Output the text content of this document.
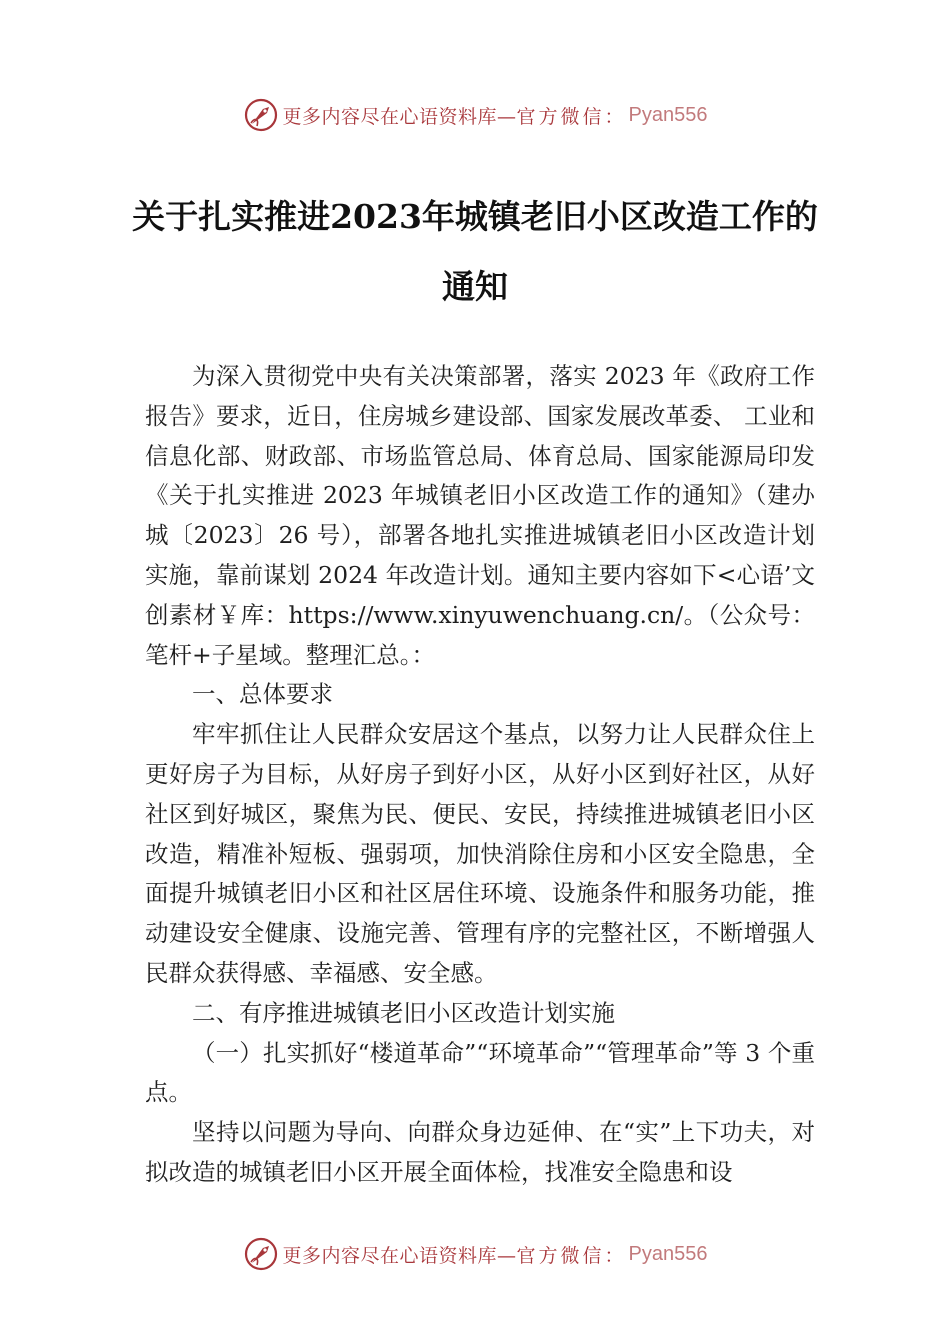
更多内容尽在心语资料库— 官方微信： Pyan556
关于扎实推进2023年城镇老旧小区改造工作的通知

为深入贯彻党中央有关决策部署，落实 2023 年《政府工作报告》要求，近日，住房城乡建设部、国家发展改革委、 工业和信息化部、财政部、市场监管总局、体育总局、国家能源局印发《关于扎实推进 2023 年城镇老旧小区改造工作的通知》（建办城〔2023〕26 号），部署各地扎实推进城镇老旧小区改造计划实施，靠前谋划 2024 年改造计划。通知主要内容如下<心语’文创素材￥库：https://www.xinyuwenchuang.cn/。（公众号：笔杆+子星域。整理汇总。：

一、总体要求

牢牢抓住让人民群众安居这个基点，以努力让人民群众住上更好房子为目标，从好房子到好小区，从好小区到好社区，从好社区到好城区，聚焦为民、便民、安民，持续推进城镇老旧小区改造，精准补短板、强弱项，加快消除住房和小区安全隐患，全面提升城镇老旧小区和社区居住环境、设施条件和服务功能，推动建设安全健康、设施完善、管理有序的完整社区，不断增强人民群众获得感、幸福感、安全感。

二、有序推进城镇老旧小区改造计划实施

（一）扎实抓好“楼道革命”“环境革命”“管理革命”等 3 个重点。

坚持以问题为导向、向群众身边延伸、在“实”上下功夫，对拟改造的城镇老旧小区开展全面体检，找准安全隐患和设

更多内容尽在心语资料库— 官方微信： Pyan556
